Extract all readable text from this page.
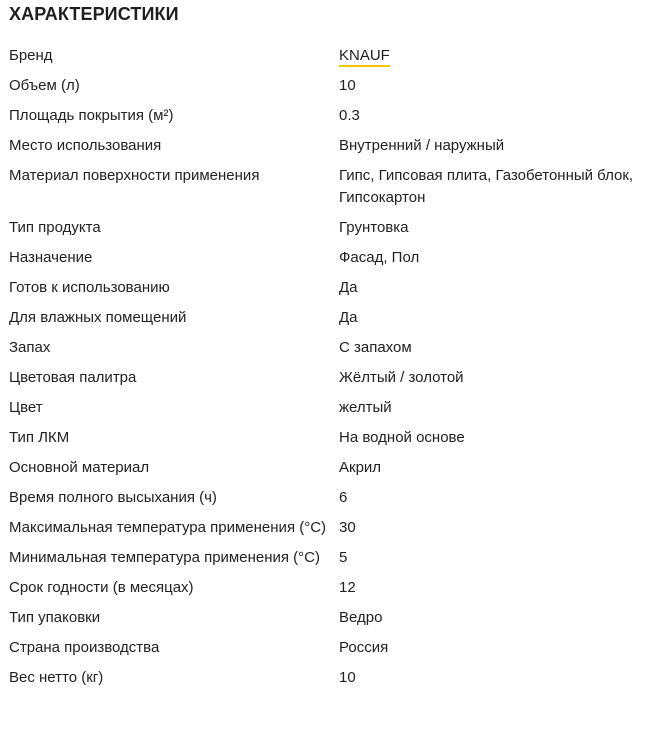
ХАРАКТЕРИСТИКИ
Бренд	KNAUF
Объем (л)	10
Площадь покрытия (м²)	0.3
Место использования	Внутренний / наружный
Материал поверхности применения	Гипс, Гипсовая плита, Газобетонный блок, Гипсокартон
Тип продукта	Грунтовка
Назначение	Фасад, Пол
Готов к использованию	Да
Для влажных помещений	Да
Запах	С запахом
Цветовая палитра	Жёлтый / золотой
Цвет	желтый
Тип ЛКМ	На водной основе
Основной материал	Акрил
Время полного высыхания (ч)	6
Максимальная температура применения (°C) 30
Минимальная температура применения (°C)	5
Срок годности (в месяцах)	12
Тип упаковки	Ведро
Страна производства	Россия
Вес нетто (кг)	10
